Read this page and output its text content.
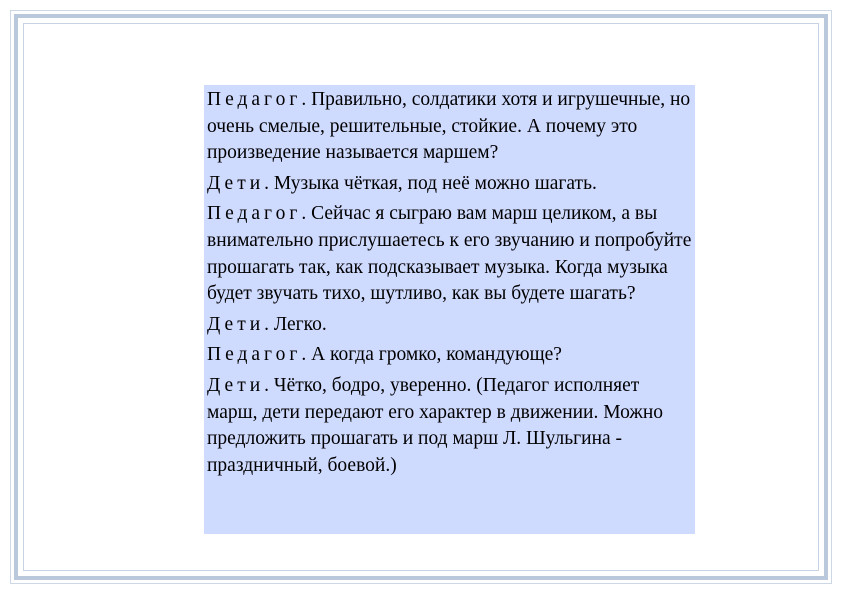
Педагог. Правильно, солдатики хотя и игрушечные, но очень смелые, решительные, стойкие. А почему это произведение называется маршем?

Дети. Музыка чёткая, под неё можно шагать.

Педагог. Сейчас я сыграю вам марш целиком, а вы внимательно прислушаетесь к его звучанию и попробуйте прошагать так, как подсказывает музыка. Когда музыка будет звучать тихо, шутливо, как вы будете шагать?

Дети. Легко.

Педагог. А когда громко, командующе?

Дети. Чётко, бодро, уверенно. (Педагог исполняет марш, дети передают его характер в движении. Можно предложить прошагать и под марш Л. Шульгина - праздничный, боевой.)
